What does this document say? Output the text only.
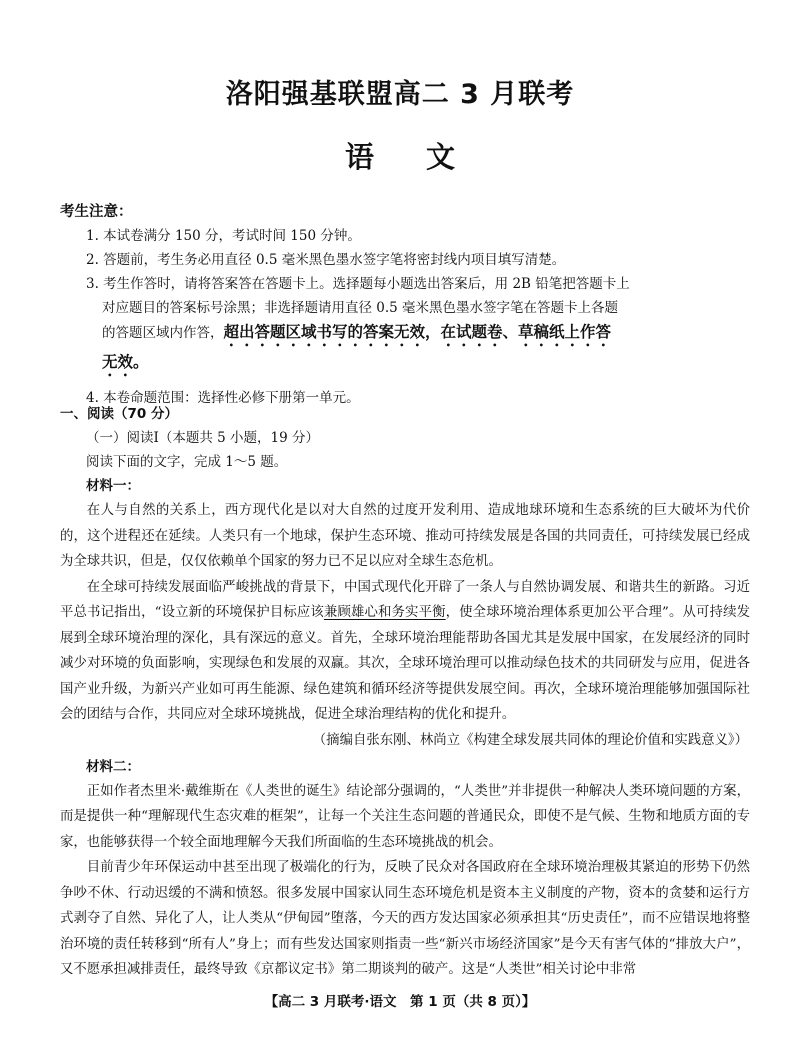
洛阳强基联盟高二 3 月联考
语 文
考生注意：
1. 本试卷满分 150 分，考试时间 150 分钟。
2. 答题前，考生务必用直径 0.5 毫米黑色墨水签字笔将密封线内项目填写清楚。
3. 考生作答时，请将答案答在答题卡上。选择题每小题选出答案后，用 2B 铅笔把答题卡上
对应题目的答案标号涂黑；非选择题请用直径 0.5 毫米黑色墨水签字笔在答题卡上各题
的答题区域内作答，超出答题区域书写的答案无效，在试题卷、草稿纸上作答
无效。
4. 本卷命题范围：选择性必修下册第一单元。
一、阅读（70 分）
（一）阅读Ⅰ（本题共 5 小题，19 分）
阅读下面的文字，完成 1～5 题。
材料一：

在人与自然的关系上，西方现代化是以对大自然的过度开发利用、造成地球环境和生态系统的巨大破坏为代价的，这个进程还在延续。人类只有一个地球，保护生态环境、推动可持续发展是各国的共同责任，可持续发展已经成为全球共识，但是，仅仅依赖单个国家的努力已不足以应对全球生态危机。

在全球可持续发展面临严峻挑战的背景下，中国式现代化开辟了一条人与自然协调发展、和谐共生的新路。习近平总书记指出，“设立新的环境保护目标应该兼顾雄心和务实平衡，使全球环境治理体系更加公平合理”。从可持续发展到全球环境治理的深化，具有深远的意义。首先，全球环境治理能帮助各国尤其是发展中国家，在发展经济的同时减少对环境的负面影响，实现绿色和发展的双赢。其次，全球环境治理可以推动绿色技术的共同研发与应用，促进各国产业升级，为新兴产业如可再生能源、绿色建筑和循环经济等提供发展空间。再次，全球环境治理能够加强国际社会的团结与合作，共同应对全球环境挑战，促进全球治理结构的优化和提升。

（摘编自张东刚、林尚立《构建全球发展共同体的理论价值和实践意义》）
材料二：

正如作者杰里米·戴维斯在《人类世的诞生》结论部分强调的，“人类世”并非提供一种解决人类环境问题的方案，而是提供一种“理解现代生态灾难的框架”，让每一个关注生态问题的普通民众，即使不是气候、生物和地质方面的专家，也能够获得一个较全面地理解今天我们所面临的生态环境挑战的机会。

目前青少年环保运动中甚至出现了极端化的行为，反映了民众对各国政府在全球环境治理极其紧迫的形势下仍然争吵不休、行动迟缓的不满和愤怒。很多发展中国家认同生态环境危机是资本主义制度的产物，资本的贪婪和运行方式剥夺了自然、异化了人，让人类从“伊甸园”堕落，今天的西方发达国家必须承担其“历史责任”，而不应错误地将整治环境的责任转移到“所有人”身上；而有些发达国家则指责一些“新兴市场经济国家”是今天有害气体的“排放大户”，又不愿承担减排责任，最终导致《京都议定书》第二期谈判的破产。这是“人类世”相关讨论中非常

【高二 3 月联考·语文　第 1 页（共 8 页）】
